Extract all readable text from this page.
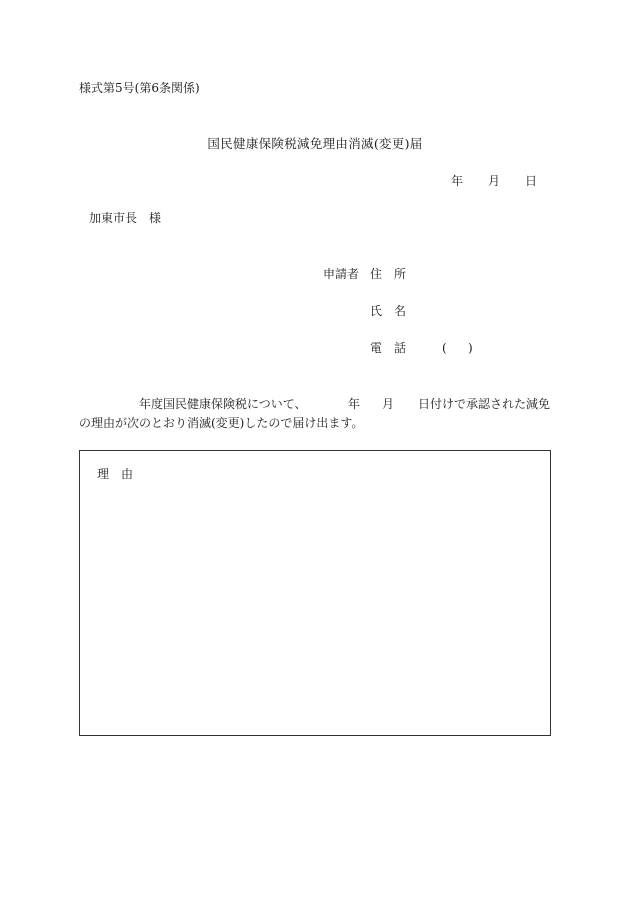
様式第5号(第6条関係)
国民健康保険税減免理由消滅(変更)届
年 月 日
加東市長　様
申請者 住　所
氏　名
電　話	( )
年度国民健康保険税について、	年 月 日付けで承認された減免
の理由が次のとおり消滅(変更)したので届け出ます。
理　由
